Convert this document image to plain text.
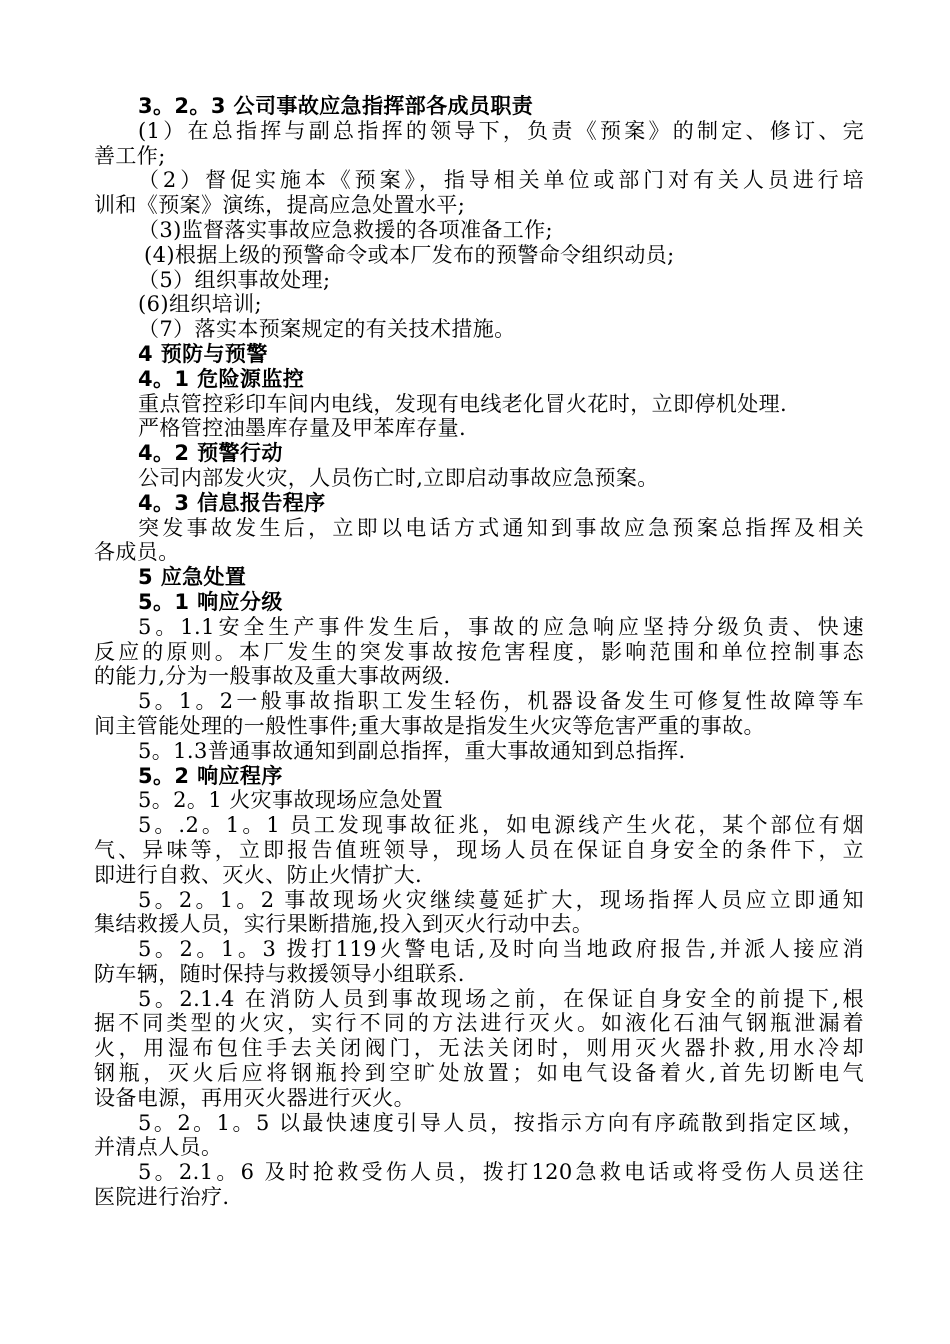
3。2。3 公司事故应急指挥部各成员职责
(1）在总指挥与副总指挥的领导下，负责《预案》的制定、修订、完
善工作;
（2）督促实施本《预案》，指导相关单位或部门对有关人员进行培
训和《预案》演练，提高应急处置水平;
（3)监督落实事故应急救援的各项准备工作;
(4)根据上级的预警命令或本厂发布的预警命令组织动员;
（5）组织事故处理;
(6)组织培训;
（7）落实本预案规定的有关技术措施。
4 预防与预警
4。1 危险源监控
重点管控彩印车间内电线，发现有电线老化冒火花时，立即停机处理.
严格管控油墨库存量及甲苯库存量.
4。2 预警行动
公司内部发火灾，人员伤亡时,立即启动事故应急预案。
4。3 信息报告程序
突发事故发生后，立即以电话方式通知到事故应急预案总指挥及相关
各成员。
5 应急处置
5。1 响应分级
5。1.1安全生产事件发生后，事故的应急响应坚持分级负责、快速
反应的原则。本厂发生的突发事故按危害程度，影响范围和单位控制事态
的能力,分为一般事故及重大事故两级.
5。1。2一般事故指职工发生轻伤，机器设备发生可修复性故障等车
间主管能处理的一般性事件;重大事故是指发生火灾等危害严重的事故。
5。1.3普通事故通知到副总指挥，重大事故通知到总指挥.
5。2 响应程序
5。2。1 火灾事故现场应急处置
5。.2。1。1 员工发现事故征兆，如电源线产生火花，某个部位有烟
气、异味等，立即报告值班领导，现场人员在保证自身安全的条件下，立
即进行自救、灭火、防止火情扩大.
5。2。1。2 事故现场火灾继续蔓延扩大，现场指挥人员应立即通知
集结救援人员，实行果断措施,投入到灭火行动中去。
5。2。1。3 拨打119火警电话,及时向当地政府报告,并派人接应消
防车辆，随时保持与救援领导小组联系.
5。2.1.4 在消防人员到事故现场之前，在保证自身安全的前提下,根
据不同类型的火灾，实行不同的方法进行灭火。如液化石油气钢瓶泄漏着
火，用湿布包住手去关闭阀门，无法关闭时，则用灭火器扑救,用水冷却
钢瓶，灭火后应将钢瓶拎到空旷处放置；如电气设备着火,首先切断电气
设备电源，再用灭火器进行灭火。
5。2。1。5 以最快速度引导人员，按指示方向有序疏散到指定区域，
并清点人员。
5。2.1。6 及时抢救受伤人员，拨打120急救电话或将受伤人员送往
医院进行治疗.
